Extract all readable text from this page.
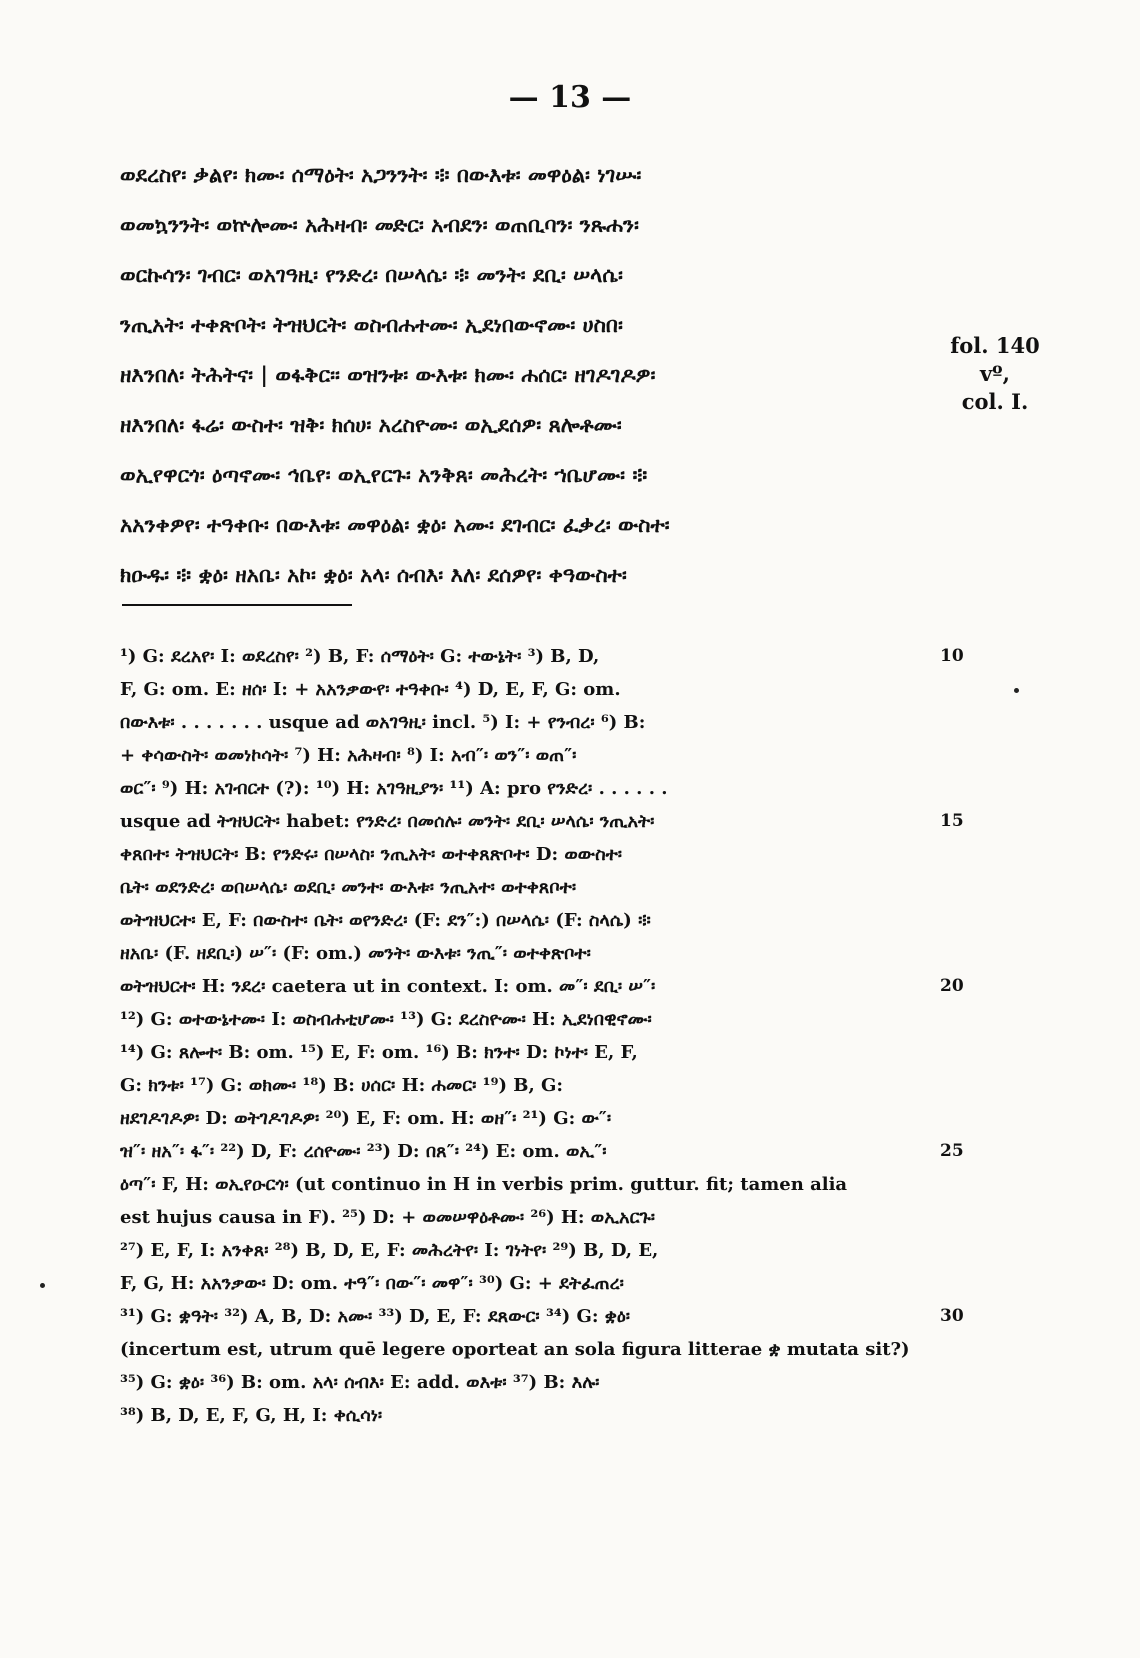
— 13 —
ወደረስየ፡ ቃልየ፡ ክሙ፡ ሰማዕት፡ አጋንንት፡ ፨ በውእቱ፡ መዋዕል፡ ነገሡ፡
ወመኳንንት፡ ወኵሎሙ፡ አሕዛብ፡ መድር፡ አብደን፡ ወጠቢባን፡ ንጹሐን፡
ወርኩሳን፡ ገብር፡ ወአገዓዚ፡ የንድረ፡ በሠላሴ፡ ፨ መንት፡ ደቢ፡ ሠላሴ፡
ንጢአት፡ ተቀጽቦት፡ ትዝህርት፡ ወስብሐተሙ፡ ኢደነበውኖሙ፡ ሀስበ፡
ዘእንበለ፡ ትሕትና፡ | ወፋቅር፡፡ ወዝንቱ፡ ውእቱ፡ ክሙ፡ ሐሰር፡ ዘገዶገዶዎ፡
ዘእንበለ፡ ፋሬ፡ ውስተ፡ ዝቅ፡ ክሰሀ፡ አረስዮሙ፡ ወኢደሰዎ፡ ጸሎቶሙ፡
ወኢየዋርጎ፡ ዕጣኖሙ፡ ኅቤየ፡ ወኢየርጉ፡ አንቅጸ፡ መሕረት፡ ኀቤሆሙ፡ ፨
አአንቀዎየ፡ ተዓቀቡ፡ በውእቱ፡ መዋዕል፡ ቋዕ፡ አሙ፡ ደገብር፡ ፈቃረ፡ ውስተ፡
ክዑዱ፡ ፨ ቋዕ፡ ዘአቤ፡ አኮ፡ ቋዕ፡ አላ፡ ሰብእ፡ እለ፡ ደሰዎየ፡ ቀዓውስተ፡
fol. 140 vº,
col. I.
¹) G: ደረአየ፡ I: ወደረስየ፡ ²) B, F: ሰማዕት፡ G: ተውኔት፡ ³) B, D,
F, G: om. E: ዘሰ፡ I: + አአንቃውየ፡ ተዓቀቡ፡ ⁴) D, E, F, G: om.
በውእቱ፡ . . . . . . . usque ad ወአገዓዚ፡ incl. ⁵) I: + የንብረ፡ ⁶) B:
+ ቀሳውስት፡ ወመነኮሳት፡ ⁷) H: አሕዛብ፡ ⁸) I: አብ″፡ ወን″፡ ወጠ″፡
ወር″፡ ⁹) H: አገብርተ (?): ¹⁰) H: አገዓዚያን፡ ¹¹) A: pro የንድረ፡ . . . . . .
usque ad ትዝህርት፡ habet: የንድረ፡ በመሰሉ፡ መንት፡ ደቢ፡ ሠላሴ፡ ንጢአት፡
ቀጸበተ፡ ትዝህርት፡ B: የንድሩ፡ በሠላስ፡ ንጢአት፡ ወተቀጸጽቦተ፡ D: ወውስተ፡
ቤት፡ ወደንድረ፡ ወበሠላሴ፡ ወደቢ፡ መንተ፡ ውእቱ፡ ንጢአተ፡ ወተቀጸቦተ፡
ወትዝህርተ፡ E, F: በውስተ፡ ቤት፡ ወየንድረ፡ (F: ደን″:) በሠላሴ፡ (F: ስላሴ) ፨
ዘአቤ፡ (F. ዘደቢ፡) ሠ″፡ (F: om.) መንት፡ ውእቱ፡ ንጢ″፡ ወተቀጽቦተ፡
ወትዝህርተ፡ H: ንደረ፡ caetera ut in context. I: om. መ″፡ ደቢ፡ ሠ″፡
¹²) G: ወተውኔተሙ፡ I: ወስብሐቲሆሙ፡ ¹³) G: ደረስዮሙ፡ H: ኢደነበዊኖሙ፡
¹⁴) G: ጸሎተ፡ B: om. ¹⁵) E, F: om. ¹⁶) B: ክንተ፡ D: ኮነተ፡ E, F,
G: ክንቱ፡ ¹⁷) G: ወክሙ፡ ¹⁸) B: ሀሰር፡ H: ሐመር፡ ¹⁹) B, G:
ዘደገዶገዶዎ፡ D: ወትገዶገዶዎ፡ ²⁰) E, F: om. H: ወዘ″፡ ²¹) G: ው″፡
ዝ″፡ ዘአ″፡ ፋ″፡ ²²) D, F: ረሰዮሙ፡ ²³) D: በጸ″፡ ²⁴) E: om. ወኢ″፡
ዕጣ″፡ F, H: ወኢየዑርጎ፡ (ut continuo in H in verbis prim. guttur. fit; tamen alia
est hujus causa in F). ²⁵) D: + ወመሠዋዕቶሙ፡ ²⁶) H: ወኢአርጉ፡
²⁷) E, F, I: አንቀጸ፡ ²⁸) B, D, E, F: መሕረትየ፡ I: ገነትየ፡ ²⁹) B, D, E,
F, G, H: አአንቃው፡ D: om. ተዓ″፡ በው″፡ መዋ″፡ ³⁰) G: + ደትፈጠረ፡
³¹) G: ቋዓት፡ ³²) A, B, D: አሙ፡ ³³) D, E, F: ደጸውር፡ ³⁴) G: ቋዕ፡
(incertum est, utrum quē legere oporteat an sola figura litterae ቋ mutata sit?)
³⁵) G: ቋዕ፡ ³⁶) B: om. አላ፡ ሰብእ፡ E: add. ወእቱ፡ ³⁷) B: እሉ፡
³⁸) B, D, E, F, G, H, I: ቀሲሳነ፡
10
15
20
25
30
